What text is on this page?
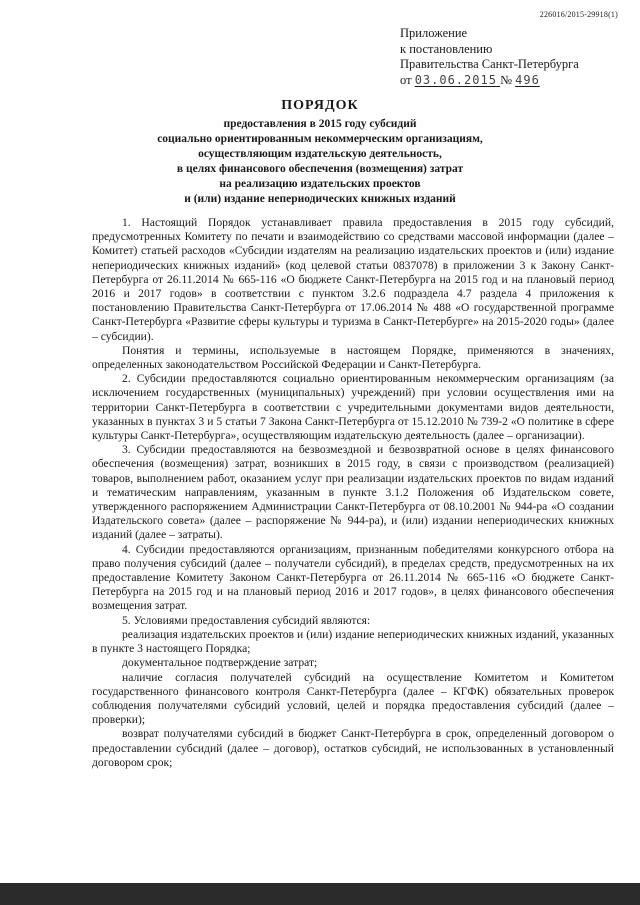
226016/2015-29918(1)
Приложение
к постановлению
Правительства Санкт-Петербурга
от 03.06.2015 № 496
ПОРЯДОК
предоставления в 2015 году субсидий
социально ориентированным некоммерческим организациям,
осуществляющим издательскую деятельность,
в целях финансового обеспечения (возмещения) затрат
на реализацию издательских проектов
и (или) издание непериодических книжных изданий

1. Настоящий Порядок устанавливает правила предоставления в 2015 году субсидий, предусмотренных Комитету по печати и взаимодействию со средствами массовой информации (далее – Комитет) статьей расходов «Субсидии издателям на реализацию издательских проектов и (или) издание непериодических книжных изданий» (код целевой статьи 0837078) в приложении 3 к Закону Санкт-Петербурга от 26.11.2014 № 665-116 «О бюджете Санкт-Петербурга на 2015 год и на плановый период 2016 и 2017 годов» в соответствии с пунктом 3.2.6 подраздела 4.7 раздела 4 приложения к постановлению Правительства Санкт-Петербурга от 17.06.2014 № 488 «О государственной программе Санкт-Петербурга «Развитие сферы культуры и туризма в Санкт-Петербурге» на 2015-2020 годы» (далее – субсидии).

Понятия и термины, используемые в настоящем Порядке, применяются в значениях, определенных законодательством Российской Федерации и Санкт-Петербурга.

2. Субсидии предоставляются социально ориентированным некоммерческим организациям (за исключением государственных (муниципальных) учреждений) при условии осуществления ими на территории Санкт-Петербурга в соответствии с учредительными документами видов деятельности, указанных в пунктах 3 и 5 статьи 7 Закона Санкт-Петербурга от 15.12.2010 № 739-2 «О политике в сфере культуры Санкт-Петербурга», осуществляющим издательскую деятельность (далее – организации).

3. Субсидии предоставляются на безвозмездной и безвозвратной основе в целях финансового обеспечения (возмещения) затрат, возникших в 2015 году, в связи с производством (реализацией) товаров, выполнением работ, оказанием услуг при реализации издательских проектов по видам изданий и тематическим направлениям, указанным в пункте 3.1.2 Положения об Издательском совете, утвержденного распоряжением Администрации Санкт-Петербурга от 08.10.2001 № 944-ра «О создании Издательского совета» (далее – распоряжение № 944-ра), и (или) издании непериодических книжных изданий (далее – затраты).

4. Субсидии предоставляются организациям, признанным победителями конкурсного отбора на право получения субсидий (далее – получатели субсидий), в пределах средств, предусмотренных на их предоставление Комитету Законом Санкт-Петербурга от 26.11.2014 № 665-116 «О бюджете Санкт-Петербурга на 2015 год и на плановый период 2016 и 2017 годов», в целях финансового обеспечения возмещения затрат.

5. Условиями предоставления субсидий являются:

реализация издательских проектов и (или) издание непериодических книжных изданий, указанных в пункте 3 настоящего Порядка;

документальное подтверждение затрат;

наличие согласия получателей субсидий на осуществление Комитетом и Комитетом государственного финансового контроля Санкт-Петербурга (далее – КГФК) обязательных проверок соблюдения получателями субсидий условий, целей и порядка предоставления субсидий (далее – проверки);

возврат получателями субсидий в бюджет Санкт-Петербурга в срок, определенный договором о предоставлении субсидий (далее – договор), остатков субсидий, не использованных в установленный договором срок;
